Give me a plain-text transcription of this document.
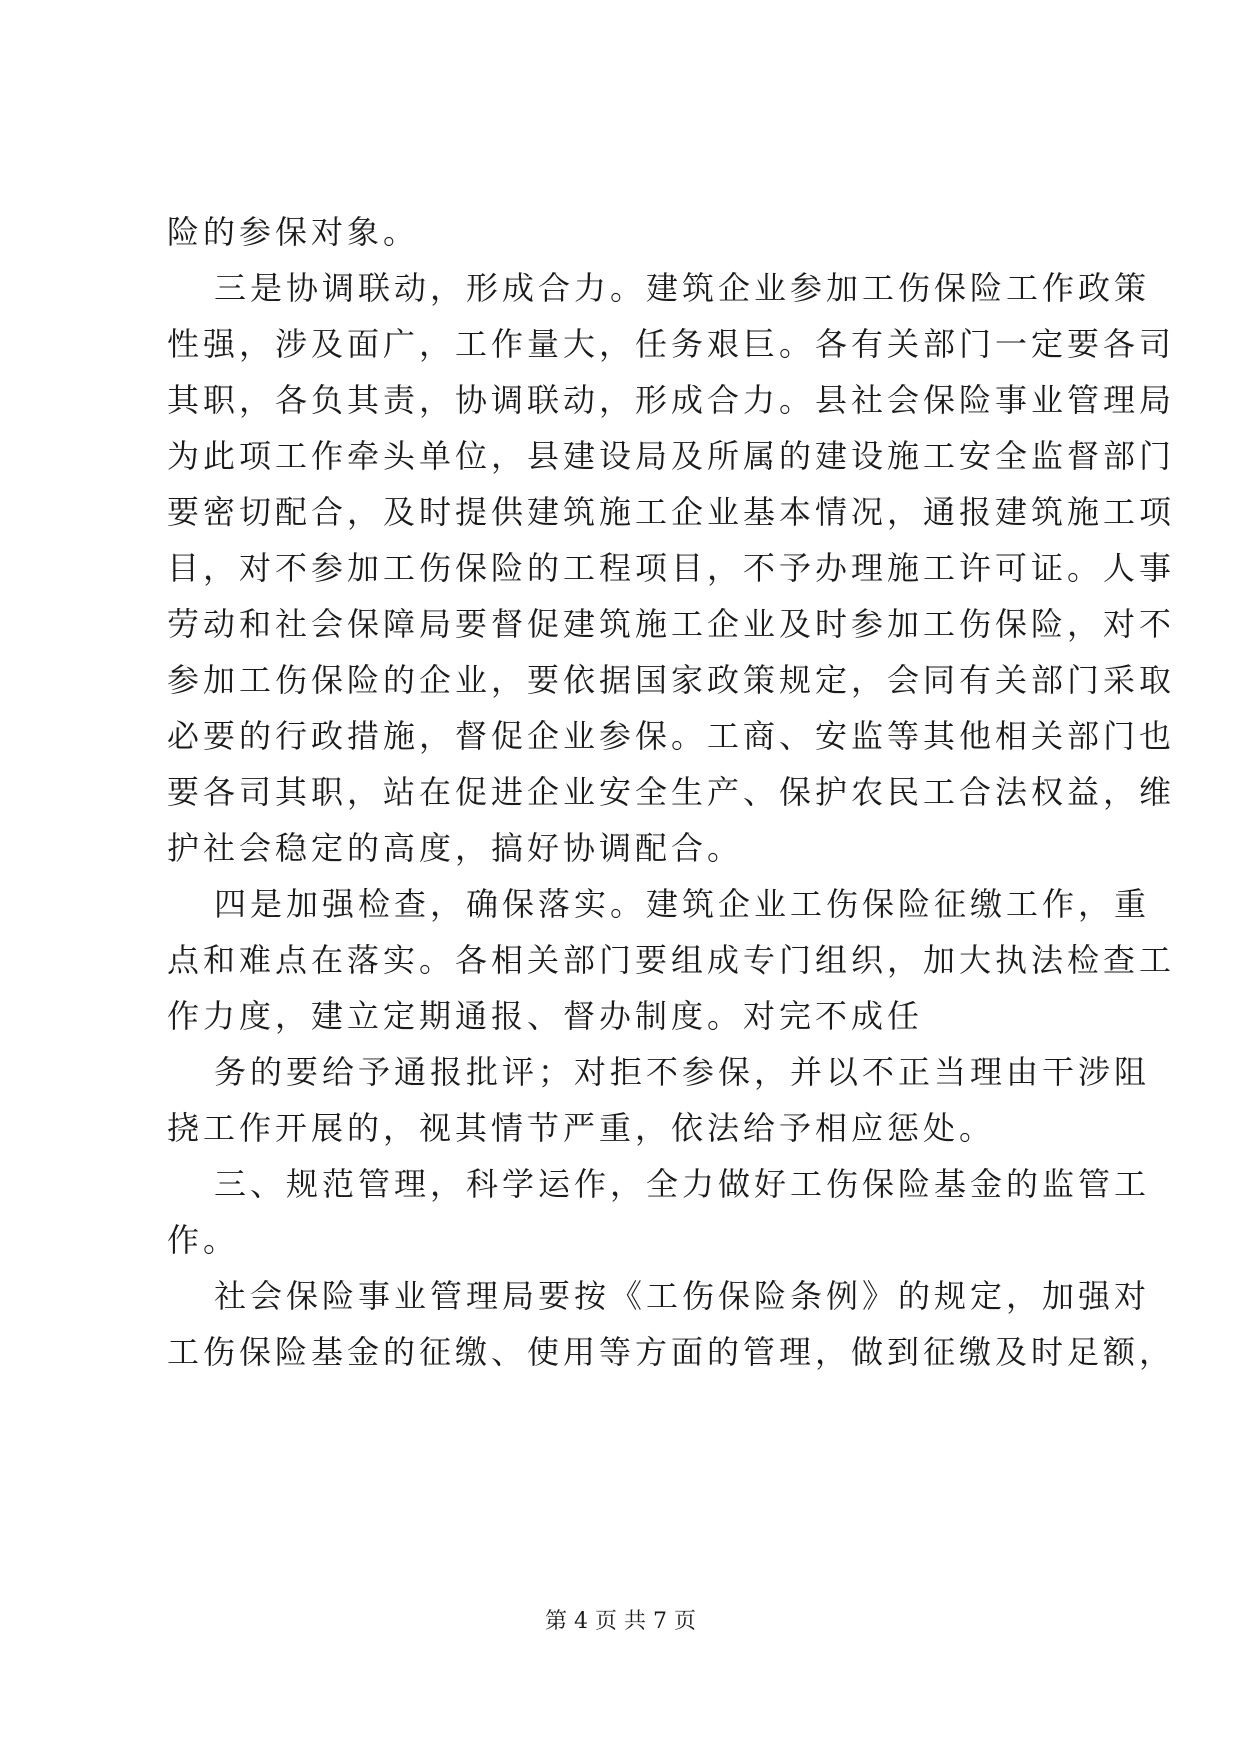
险的参保对象。
三是协调联动，形成合力。建筑企业参加工伤保险工作政策
性强，涉及面广，工作量大，任务艰巨。各有关部门一定要各司
其职，各负其责，协调联动，形成合力。县社会保险事业管理局
为此项工作牵头单位，县建设局及所属的建设施工安全监督部门
要密切配合，及时提供建筑施工企业基本情况，通报建筑施工项
目，对不参加工伤保险的工程项目，不予办理施工许可证。人事
劳动和社会保障局要督促建筑施工企业及时参加工伤保险，对不
参加工伤保险的企业，要依据国家政策规定，会同有关部门采取
必要的行政措施，督促企业参保。工商、安监等其他相关部门也
要各司其职，站在促进企业安全生产、保护农民工合法权益，维
护社会稳定的高度，搞好协调配合。
四是加强检查，确保落实。建筑企业工伤保险征缴工作，重
点和难点在落实。各相关部门要组成专门组织，加大执法检查工
作力度，建立定期通报、督办制度。对完不成任
务的要给予通报批评；对拒不参保，并以不正当理由干涉阻
挠工作开展的，视其情节严重，依法给予相应惩处。
三、规范管理，科学运作，全力做好工伤保险基金的监管工
作。
社会保险事业管理局要按《工伤保险条例》的规定，加强对
工伤保险基金的征缴、使用等方面的管理，做到征缴及时足额，
第 4 页 共 7 页
